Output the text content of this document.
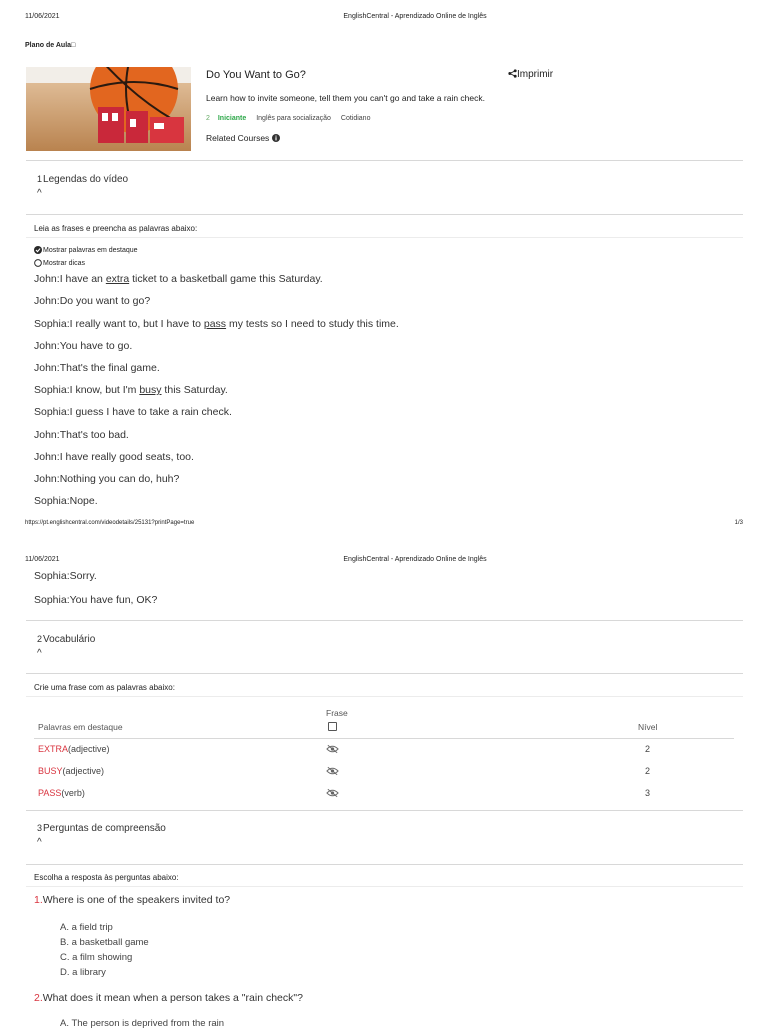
11/06/2021	EnglishCentral - Aprendizado Online de Inglês
Plano de Aula□
Do You Want to Go?	Imprimir
Learn how to invite someone, tell them you can't go and take a rain check.
2 Iniciante Inglês para socialização Cotidiano
Related Courses
1Legendas do vídeo
^
Leia as frases e preencha as palavras abaixo:
Mostrar palavras em destaque
Mostrar dicas
John:I have an extra ticket to a basketball game this Saturday.
John:Do you want to go?
Sophia:I really want to, but I have to pass my tests so I need to study this time.
John:You have to go.
John:That's the final game.
Sophia:I know, but I'm busy this Saturday.
Sophia:I guess I have to take a rain check.
John:That's too bad.
John:I have really good seats, too.
John:Nothing you can do, huh?
Sophia:Nope.
https://pt.englishcentral.com/videodetails/25131?printPage=true	1/3
11/06/2021	EnglishCentral - Aprendizado Online de Inglês
Sophia:Sorry.
Sophia:You have fun, OK?
2Vocabulário
^
Crie uma frase com as palavras abaixo:
Frase
Palavras em destaque	Nível
EXTRA(adjective)	2
BUSY(adjective)	2
PASS(verb)	3
3Perguntas de compreensão
^
Escolha a resposta às perguntas abaixo:
1.Where is one of the speakers invited to?
A. a field trip
B. a basketball game
C. a film showing
D. a library
2.What does it mean when a person takes a "rain check"?
A. The person is deprived from the rain
